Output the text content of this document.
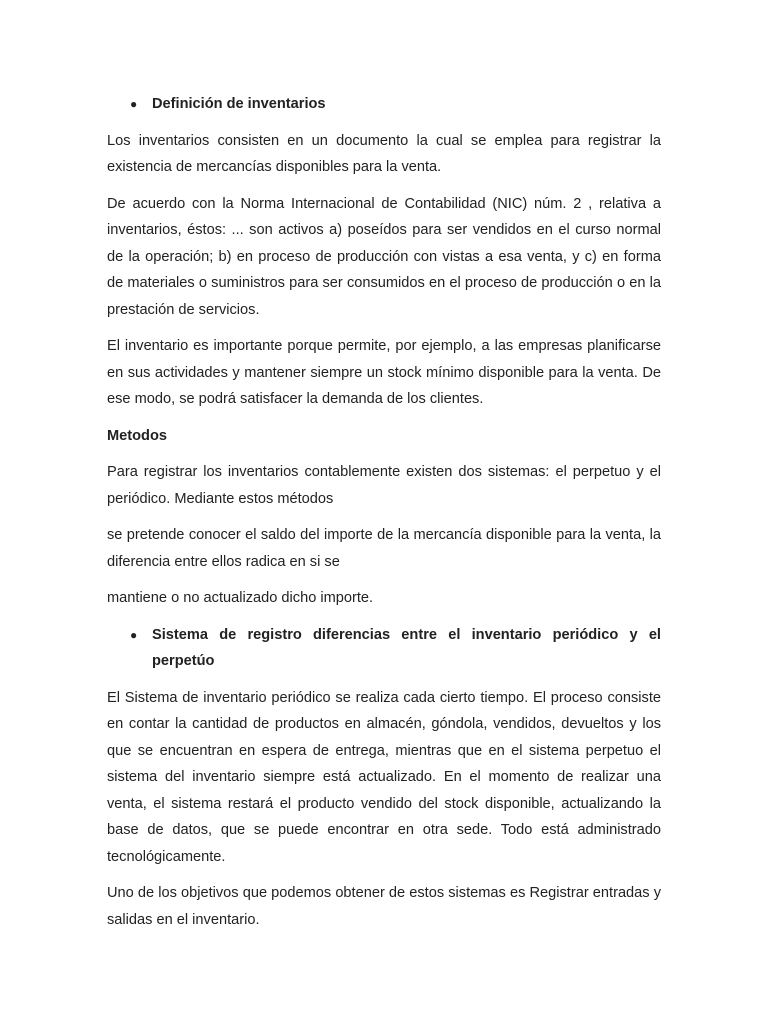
● Definición de inventarios

Los inventarios consisten en un documento la cual se emplea para registrar la existencia de mercancías disponibles para la venta.

De acuerdo con la Norma Internacional de Contabilidad (NIC) núm. 2 , relativa a inventarios, éstos: ... son activos a) poseídos para ser vendidos en el curso normal de la operación; b) en proceso de producción con vistas a esa venta, y c) en forma de materiales o suministros para ser consumidos en el proceso de producción o en la prestación de servicios.

El inventario es importante porque permite, por ejemplo, a las empresas planificarse en sus actividades y mantener siempre un stock mínimo disponible para la venta. De ese modo, se podrá satisfacer la demanda de los clientes.

Metodos

Para registrar los inventarios contablemente existen dos sistemas: el perpetuo y el periódico. Mediante estos métodos

se pretende conocer el saldo del importe de la mercancía disponible para la venta, la diferencia entre ellos radica en si se

mantiene o no actualizado dicho importe.

● Sistema de registro diferencias entre el inventario periódico y el perpetúo

El Sistema de inventario periódico se realiza cada cierto tiempo. El proceso consiste en contar la cantidad de productos en almacén, góndola, vendidos, devueltos y los que se encuentran en espera de entrega, mientras que en el sistema perpetuo el sistema del inventario siempre está actualizado. En el momento de realizar una venta, el sistema restará el producto vendido del stock disponible, actualizando la base de datos, que se puede encontrar en otra sede. Todo está administrado tecnológicamente.

Uno de los objetivos que podemos obtener de estos sistemas es Registrar entradas y salidas en el inventario.
